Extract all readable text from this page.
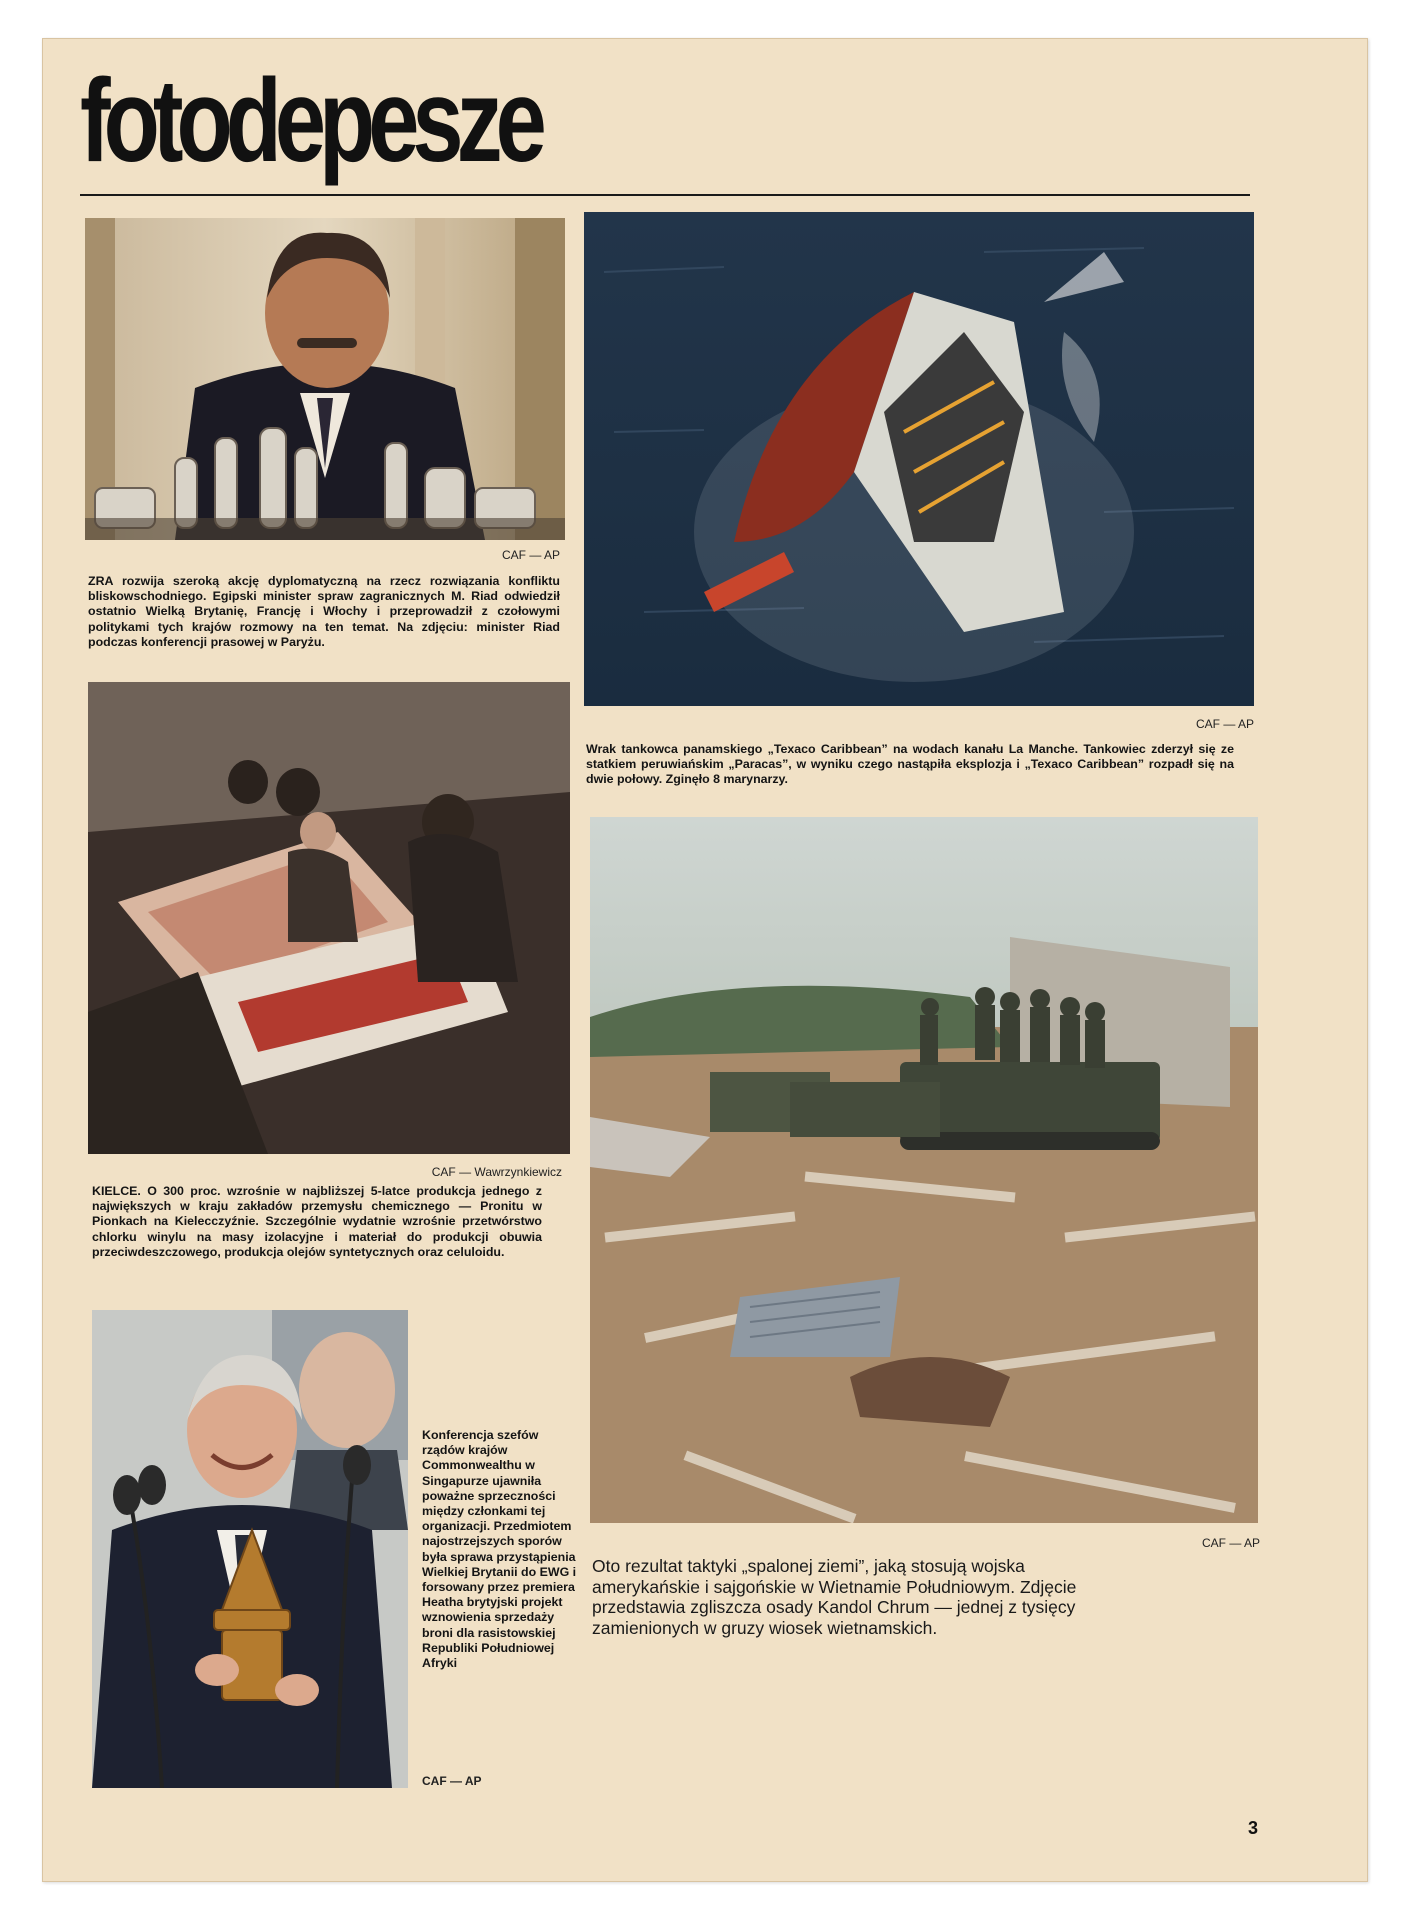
fotodepesze
CAF — AP
ZRA rozwija szeroką akcję dyplomatyczną na rzecz rozwiązania konfliktu bliskowschodniego. Egipski minister spraw zagranicznych M. Riad odwiedził ostatnio Wielką Brytanię, Francję i Włochy i przeprowadził z czołowymi politykami tych krajów rozmowy na ten temat. Na zdjęciu: minister Riad podczas konferencji prasowej w Paryżu.
CAF — AP
Wrak tankowca panamskiego „Texaco Caribbean” na wodach kanału La Manche. Tankowiec zderzył się ze statkiem peruwiańskim „Paracas”, w wyniku czego nastąpiła eksplozja i „Texaco Caribbean” rozpadł się na dwie połowy. Zginęło 8 marynarzy.
CAF — Wawrzynkiewicz
KIELCE. O 300 proc. wzrośnie w najbliższej 5-latce produkcja jednego z największych w kraju zakładów przemysłu chemicznego — Pronitu w Pionkach na Kielecczyźnie. Szczególnie wydatnie wzrośnie przetwórstwo chlorku winylu na masy izolacyjne i materiał do produkcji obuwia przeciwdeszczowego, produkcja olejów syntetycznych oraz celuloidu.
CAF — AP
Oto rezultat taktyki „spalonej ziemi”, jaką stosują wojska amerykańskie i sajgońskie w Wietnamie Południowym. Zdjęcie przedstawia zgliszcza osady Kandol Chrum — jednej z tysięcy zamienionych w gruzy wiosek wietnamskich.
Konferencja szefów rządów krajów Commonwealthu w Singapurze ujawniła poważne sprzeczności między członkami tej organizacji. Przedmiotem najostrzejszych sporów była sprawa przystąpienia Wielkiej Brytanii do EWG i forsowany przez premiera Heatha brytyjski projekt wznowienia sprzedaży broni dla rasistowskiej Republiki Południowej Afryki
CAF — AP
3
